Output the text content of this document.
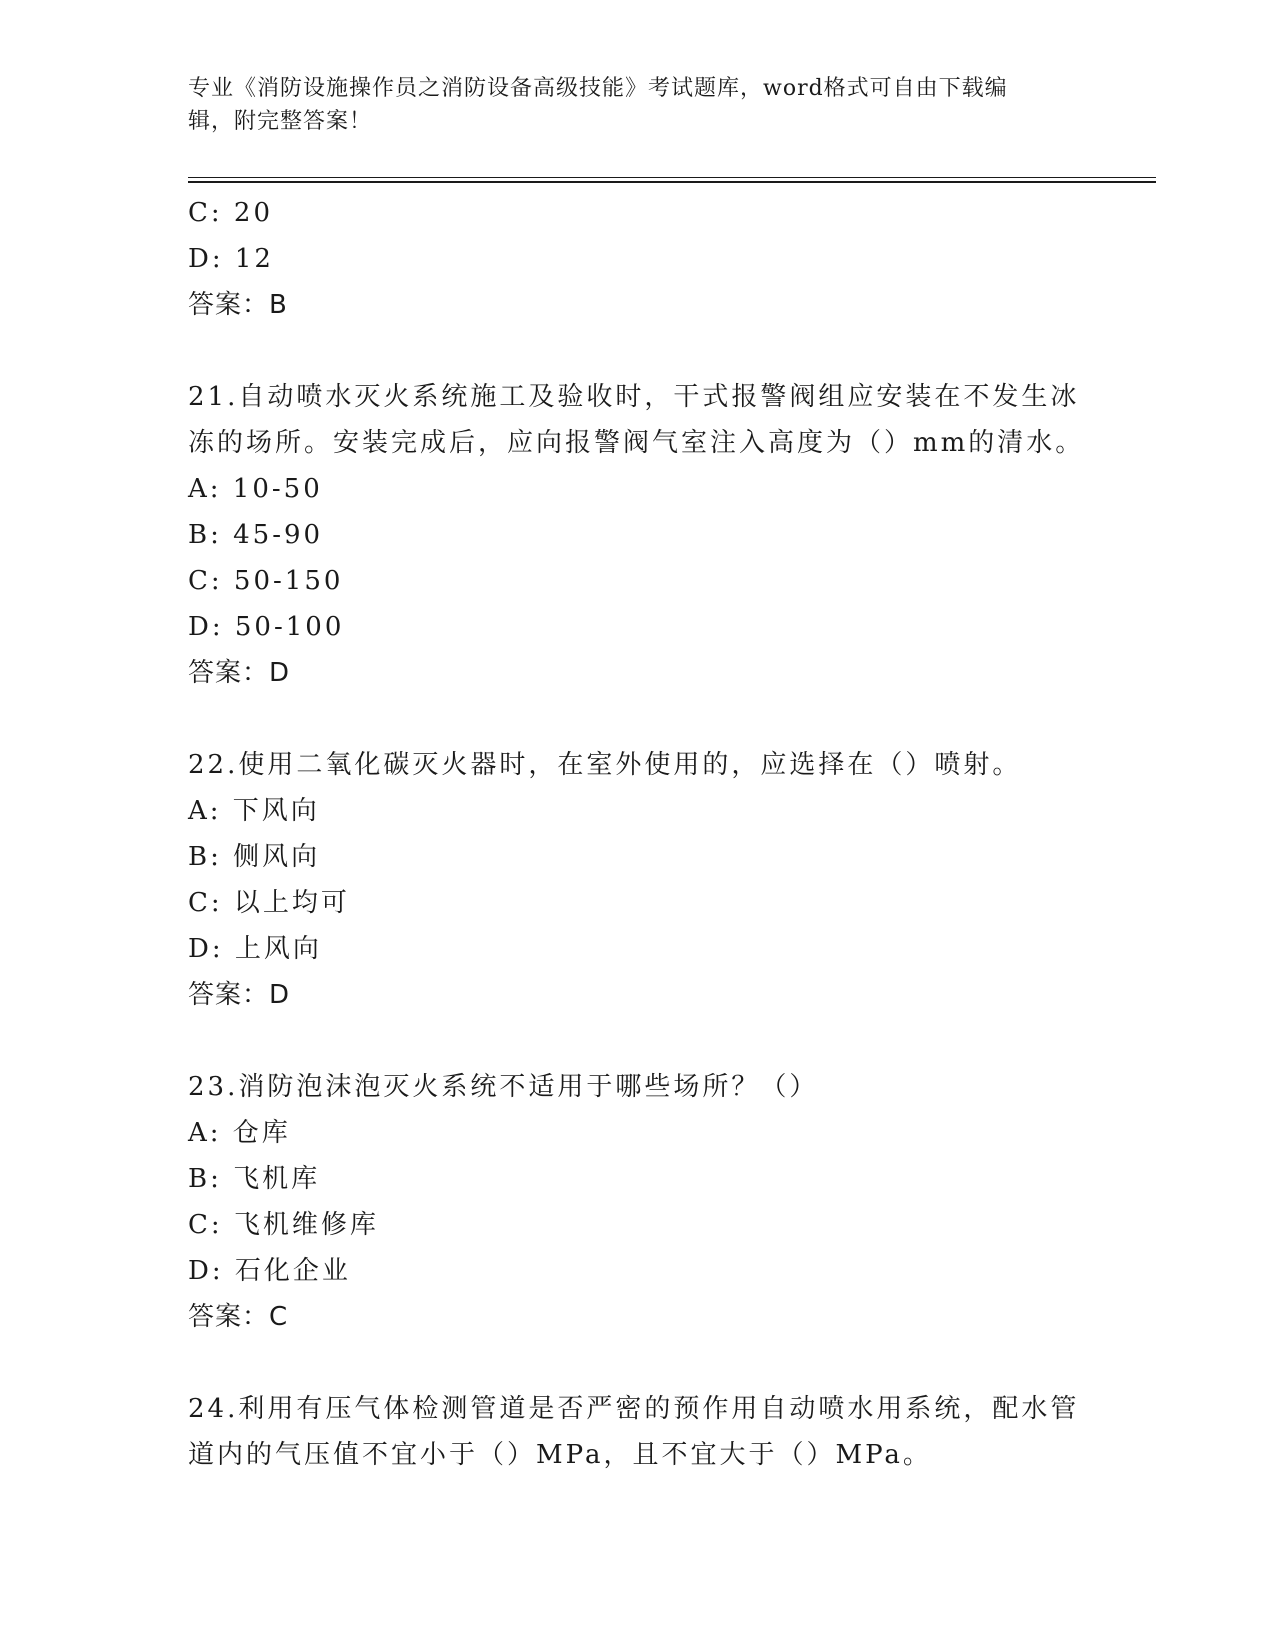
专业《消防设施操作员之消防设备高级技能》考试题库，word格式可自由下载编
辑，附完整答案！
C: 20
D: 12
答案：B
21.自动喷水灭火系统施工及验收时，干式报警阀组应安装在不发生冰
冻的场所。安装完成后，应向报警阀气室注入高度为（）mm的清水。
A: 10-50
B: 45-90
C: 50-150
D: 50-100
答案：D
22.使用二氧化碳灭火器时，在室外使用的，应选择在（）喷射。
A: 下风向
B: 侧风向
C: 以上均可
D: 上风向
答案：D
23.消防泡沫泡灭火系统不适用于哪些场所？（）
A: 仓库
B: 飞机库
C: 飞机维修库
D: 石化企业
答案：C
24.利用有压气体检测管道是否严密的预作用自动喷水用系统，配水管
道内的气压值不宜小于（）MPa，且不宜大于（）MPa。
